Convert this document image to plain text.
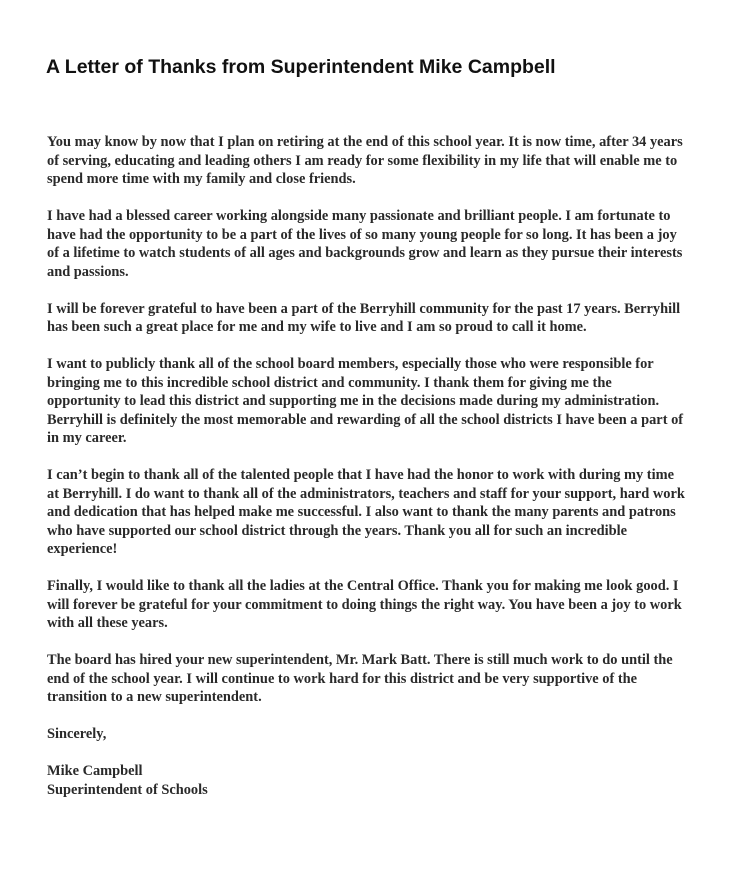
A Letter of Thanks from Superintendent Mike Campbell

You may know by now that I plan on retiring at the end of this school year. It is now time, after 34 years of serving, educating and leading others I am ready for some flexibility in my life that will enable me to spend more time with my family and close friends.

I have had a blessed career working alongside many passionate and brilliant people. I am fortunate to have had the opportunity to be a part of the lives of so many young people for so long. It has been a joy of a lifetime to watch students of all ages and backgrounds grow and learn as they pursue their interests and passions.

I will be forever grateful to have been a part of the Berryhill community for the past 17 years. Berryhill has been such a great place for me and my wife to live and I am so proud to call it home.

I want to publicly thank all of the school board members, especially those who were responsible for bringing me to this incredible school district and community. I thank them for giving me the opportunity to lead this district and supporting me in the decisions made during my administration. Berryhill is definitely the most memorable and rewarding of all the school districts I have been a part of in my career.

I can’t begin to thank all of the talented people that I have had the honor to work with during my time at Berryhill. I do want to thank all of the administrators, teachers and staff for your support, hard work and dedication that has helped make me successful. I also want to thank the many parents and patrons who have supported our school district through the years. Thank you all for such an incredible experience!

Finally, I would like to thank all the ladies at the Central Office. Thank you for making me look good. I will forever be grateful for your commitment to doing things the right way. You have been a joy to work with all these years.

The board has hired your new superintendent, Mr. Mark Batt. There is still much work to do until the end of the school year. I will continue to work hard for this district and be very supportive of the transition to a new superintendent.

Sincerely,
Mike Campbell
Superintendent of Schools
